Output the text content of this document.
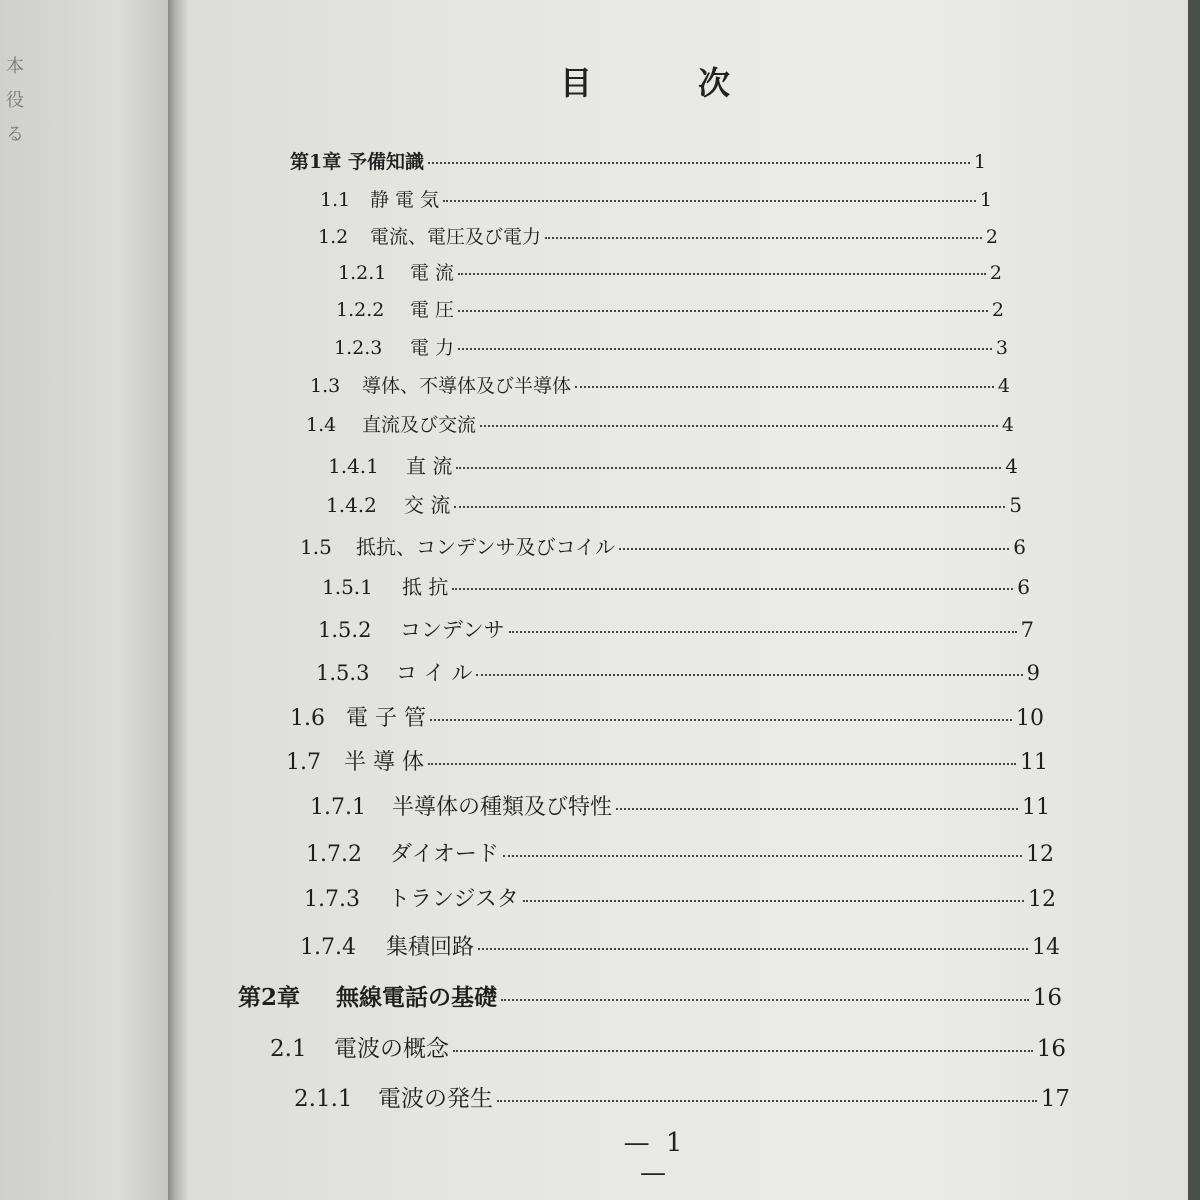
本
役
る
目	次
第1章 予備知識	1
1.1	静 電 気	1
1.2	電流、電圧及び電力	2
1.2.1	電 流	2
1.2.2	電 圧	2
1.2.3	電 力	3
1.3	導体、不導体及び半導体	4
1.4	直流及び交流	4
1.4.1	直 流	4
1.4.2	交 流	5
1.5	抵抗、コンデンサ及びコイル	6
1.5.1	抵 抗	6
1.5.2	コンデンサ	7
1.5.3	コ イ ル	9
1.6 電 子 管	10
1.7	半 導 体	11
1.7.1	半導体の種類及び特性	11
1.7.2	ダイオード	12
1.7.3	トランジスタ	12
1.7.4	集積回路	14
第2章	無線電話の基礎	16
2.1	電波の概念	16
2.1.1	電波の発生	17
— 1 —
